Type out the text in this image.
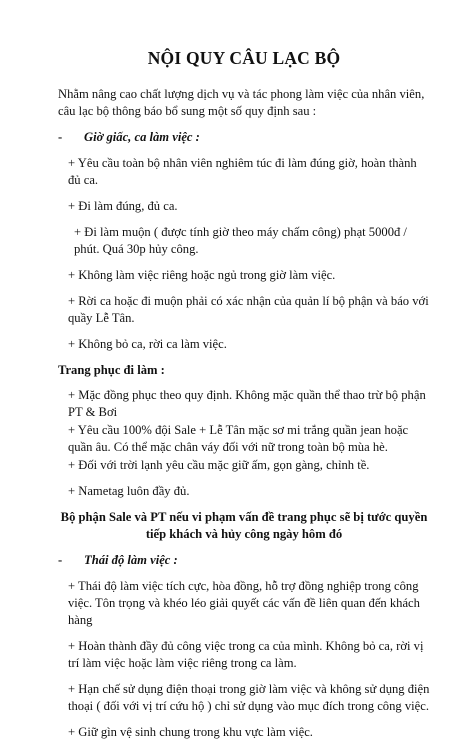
NỘI QUY CÂU LẠC BỘ

Nhằm nâng cao chất lượng dịch vụ và tác phong làm việc của nhân viên, câu lạc bộ thông báo bổ sung một số quy định sau :

- Giờ giấc, ca làm việc :

+ Yêu cầu toàn bộ nhân viên nghiêm túc đi làm đúng giờ, hoàn thành đủ ca.

+ Đi làm đúng, đủ ca.

+ Đi làm muộn ( được tính giờ theo máy chấm công) phạt 5000đ / phút. Quá 30p hủy công.

+ Không làm việc riêng hoặc ngủ trong giờ làm việc.

+ Rời ca hoặc đi muộn phải có xác nhận của quản lí bộ phận và báo với quầy Lễ Tân.

+ Không bỏ ca, rời ca làm việc.

Trang phục đi làm :

+ Mặc đồng phục theo quy định. Không mặc quần thể thao trừ bộ phận PT & Bơi

+ Yêu cầu 100% đội Sale + Lễ Tân mặc sơ mi trắng quần jean hoặc quần âu. Có thể mặc chân váy đối với nữ trong toàn bộ mùa hè.

+ Đối với trời lạnh yêu cầu mặc giữ ấm, gọn gàng, chỉnh tề.

+ Nametag luôn đầy đủ.

Bộ phận Sale và PT nếu vi phạm vấn đề trang phục sẽ bị tước quyền tiếp khách và hủy công ngày hôm đó

- Thái độ làm việc :

+ Thái độ làm việc tích cực, hòa đồng, hỗ trợ đồng nghiệp trong công việc. Tôn trọng và khéo léo giải quyết các vấn đề liên quan đến khách hàng

+ Hoàn thành đầy đủ công việc trong ca của mình. Không bỏ ca, rời vị trí làm việc hoặc làm việc riêng trong ca làm.

+ Hạn chế sử dụng điện thoại trong giờ làm việc và không sử dụng điện thoại ( đối với vị trí cứu hộ ) chỉ sử dụng vào mục đích trong công việc.

+ Giữ gìn vệ sinh chung trong khu vực làm việc.
